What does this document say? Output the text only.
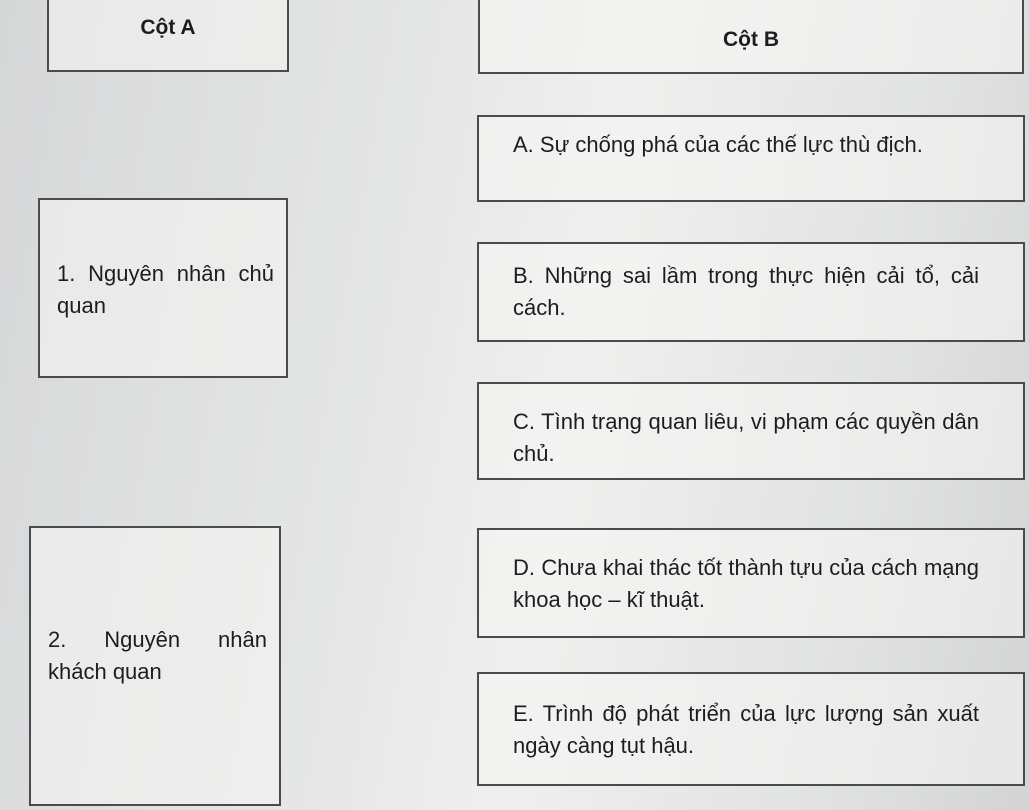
Cột A
Cột B
1. Nguyên nhân chủ quan
2. Nguyên nhân khách quan
A. Sự chống phá của các thế lực thù địch.
B. Những sai lầm trong thực hiện cải tổ, cải cách.
C. Tình trạng quan liêu, vi phạm các quyền dân chủ.
D. Chưa khai thác tốt thành tựu của cách mạng khoa học – kĩ thuật.
E. Trình độ phát triển của lực lượng sản xuất ngày càng tụt hậu.
